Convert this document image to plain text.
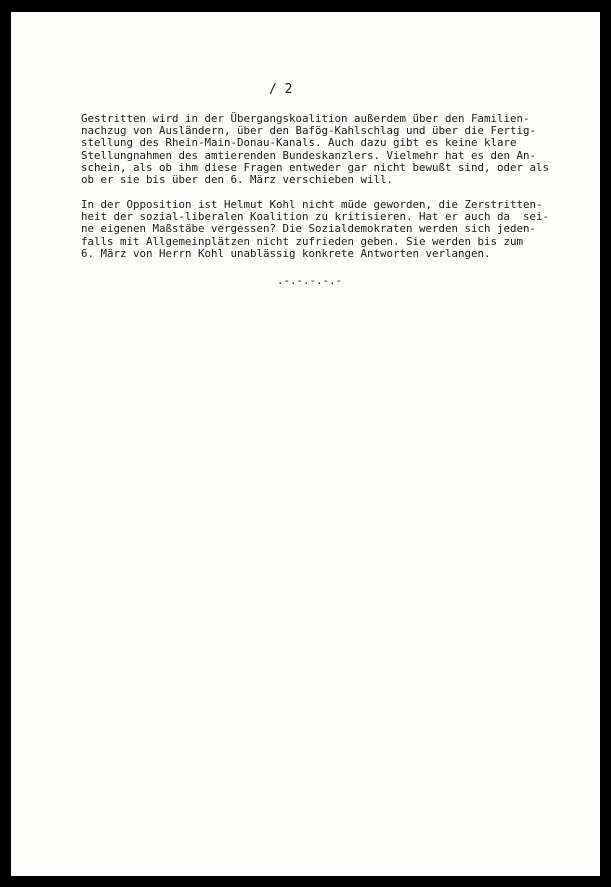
/ 2

Gestritten wird in der Übergangskoalition außerdem über den Familien-
nachzug von Ausländern, über den Bafög-Kahlschlag und über die Fertig-
stellung des Rhein-Main-Donau-Kanals. Auch dazu gibt es keine klare
Stellungnahmen des amtierenden Bundeskanzlers. Vielmehr hat es den An-
schein, als ob ihm diese Fragen entweder gar nicht bewußt sind, oder als
ob er sie bis über den 6. März verschieben will.

In der Opposition ist Helmut Kohl nicht müde geworden, die Zerstritten-
heit der sozial-liberalen Koalition zu kritisieren. Hat er auch da  sei-
ne eigenen Maßstäbe vergessen? Die Sozialdemokraten werden sich jeden-
falls mit Allgemeinplätzen nicht zufrieden geben. Sie werden bis zum
6. März von Herrn Kohl unablässig konkrete Antworten verlangen.

.-.-.-.-.-
